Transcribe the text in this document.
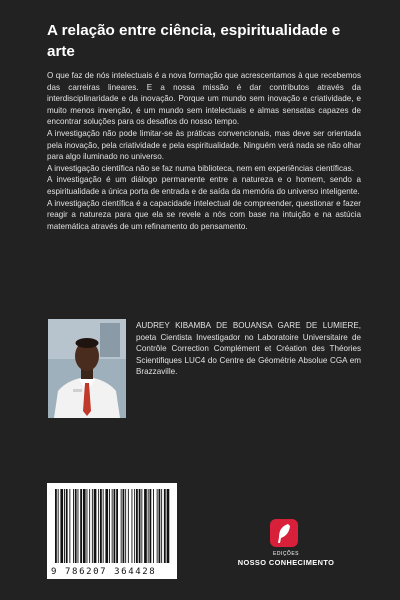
A relação entre ciência, espiritualidade e arte

O que faz de nós intelectuais é a nova formação que acrescentamos à que recebemos das carreiras lineares. E a nossa missão é dar contributos através da interdisciplinaridade e da inovação. Porque um mundo sem inovação e criatividade, e muito menos invenção, é um mundo sem intelectuais e almas sensatas capazes de encontrar soluções para os desafios do nosso tempo.

A investigação não pode limitar-se às práticas convencionais, mas deve ser orientada pela inovação, pela criatividade e pela espiritualidade. Ninguém verá nada se não olhar para algo iluminado no universo.

A investigação científica não se faz numa biblioteca, nem em experiências científicas.

A investigação é um diálogo permanente entre a natureza e o homem, sendo a espiritualidade a única porta de entrada e de saída da memória do universo inteligente.

A investigação científica é a capacidade intelectual de compreender, questionar e fazer reagir a natureza para que ela se revele a nós com base na intuição e na astúcia matemática através de um refinamento do pensamento.

AUDREY KIBAMBA DE BOUANSA GARE DE LUMIERE, poeta Cientista Investigador no Laboratoire Universitaire de Contrôle Correction Complément et Création des Théories Scientifiques LUC4 do Centre de Géométrie Absolue CGA em Brazzaville.
9 786207 364428
EDIÇÕES
NOSSO CONHECIMENTO
